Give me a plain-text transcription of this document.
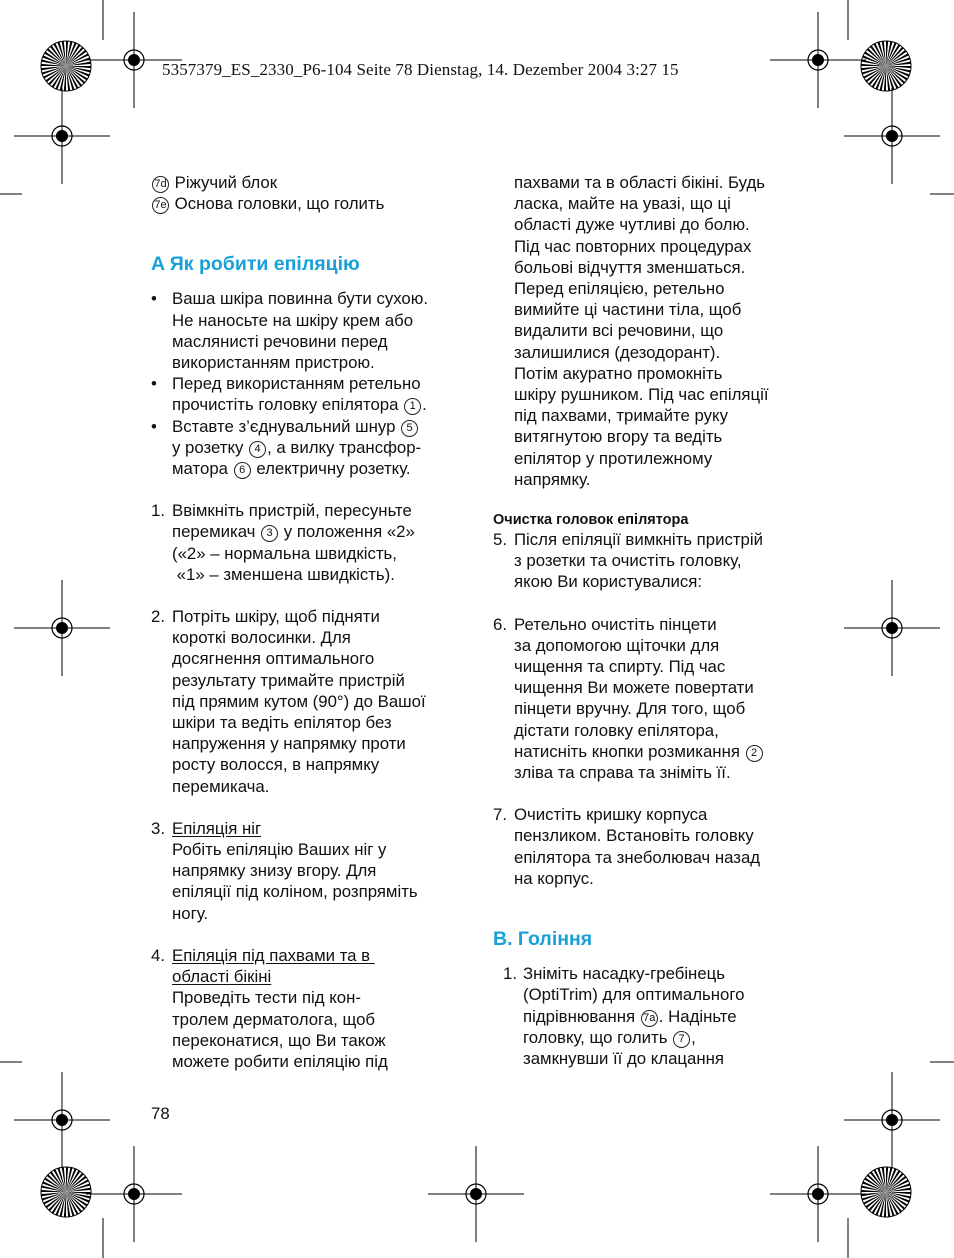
5357379_ES_2330_P6-104 Seite 78 Dienstag, 14. Dezember 2004 3:27 15

7d Ріжучий блок

7e Основа головки, що голить

A Як робити епіляцію

• Ваша шкіра повинна бути сухою.

Не наносьте на шкіру крем або

маслянисті речовини перед

використанням пристрою.

• Перед використанням ретельно

прочистіть головку епілятора 1 .

• Вставте з’єднувальний шнур 5

у розетку 4 , а вилку трансфор-

матора 6 електричну розетку.

1. Ввімкніть пристрій, пересуньте

перемикач 3 у положення «2»

(«2» – нормальна швидкість,

«1» – зменшена швидкість).

2. Потріть шкіру, щоб підняти

короткі волосинки. Для

досягнення оптимального

результату тримайте пристрій

під прямим кутом (90°) до Вашої

шкіри та ведіть епілятор без

напруження у напрямку проти

росту волосся, в напрямку

перемикача.

3. Епіляція ніг

Робіть епіляцію Ваших ніг у

напрямку знизу вгору. Для

епіляції під коліном, розпряміть

ногу.

4. Епіляція під пахвами та в

області бікіні

Проведіть тести під кон-

тролем дерматолога, щоб

переконатися, що Ви також

можете робити епіляцію під

78

пахвами та в області бікіні. Будь

ласка, майте на увазі, що ці

області дуже чутливі до болю.

Під час повторних процедурах

больові відчуття зменшаться.

Перед епіляцією, ретельно

вимийте ці частини тіла, щоб

видалити всі речовини, що

залишилися (дезодорант).

Потім акуратно промокніть

шкіру рушником. Під час епіляції

під пахвами, тримайте руку

витягнутою вгору та ведіть

епілятор у протилежному

напрямку.

Очистка головок епілятора

5. Після епіляції вимкніть пристрій

з розетки та очистіть головку,

якою Ви користувалися:

6. Ретельно очистіть пінцети

за допомогою щіточки для

чищення та спирту. Під час

чищення Ви можете повертати

пінцети вручну. Для того, щоб

дістати головку епілятора,

натисніть кнопки розмикання 2

зліва та справа та зніміть її.

7. Очистіть кришку корпуса

пензликом. Встановіть головку

епілятора та знеболювач назад

на корпус.

B. Гоління

1. Зніміть насадку-гребінець

(OptiTrim) для оптимального

підрівнювання 7a . Надіньте

головку, що голить 7 ,

замкнувши її до клацання
